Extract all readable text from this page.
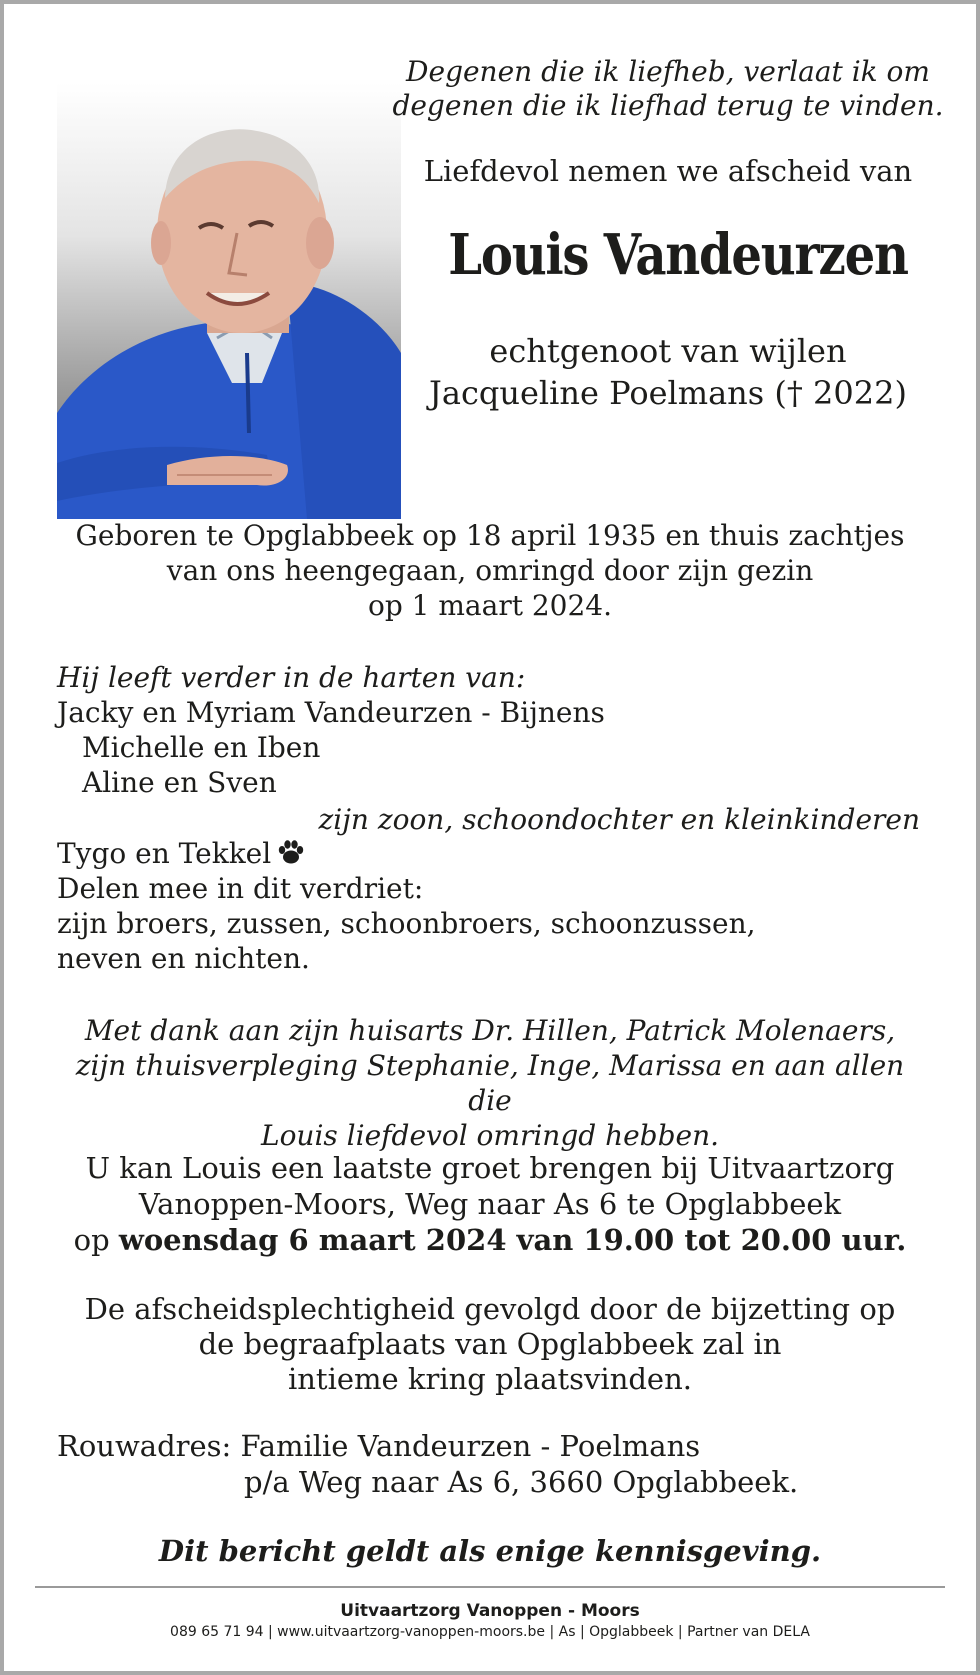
Degenen die ik liefheb, verlaat ik om
degenen die ik liefhad terug te vinden.

Liefdevol nemen we afscheid van

Louis Vandeurzen

echtgenoot van wijlen
Jacqueline Poelmans († 2022)

Geboren te Opglabbeek op 18 april 1935 en thuis zachtjes
van ons heengegaan, omringd door zijn gezin
op 1 maart 2024.

Hij leeft verder in de harten van:

Jacky en Myriam Vandeurzen - Bijnens

Michelle en Iben

Aline en Sven

zijn zoon, schoondochter en kleinkinderen

Tygo en Tekkel

Delen mee in dit verdriet:

zijn broers, zussen, schoonbroers, schoonzussen,

neven en nichten.

Met dank aan zijn huisarts Dr. Hillen, Patrick Molenaers,
zijn thuisverpleging Stephanie, Inge, Marissa en aan allen die
Louis liefdevol omringd hebben.

U kan Louis een laatste groet brengen bij Uitvaartzorg
Vanoppen-Moors, Weg naar As 6 te Opglabbeek
op woensdag 6 maart 2024 van 19.00 tot 20.00 uur.

De afscheidsplechtigheid gevolgd door de bijzetting op
de begraafplaats van Opglabbeek zal in
intieme kring plaatsvinden.

Rouwadres: Familie Vandeurzen - Poelmans
p/a Weg naar As 6, 3660 Opglabbeek.

Dit bericht geldt als enige kennisgeving.

Uitvaartzorg Vanoppen - Moors

089 65 71 94 | www.uitvaartzorg-vanoppen-moors.be | As | Opglabbeek | Partner van DELA
